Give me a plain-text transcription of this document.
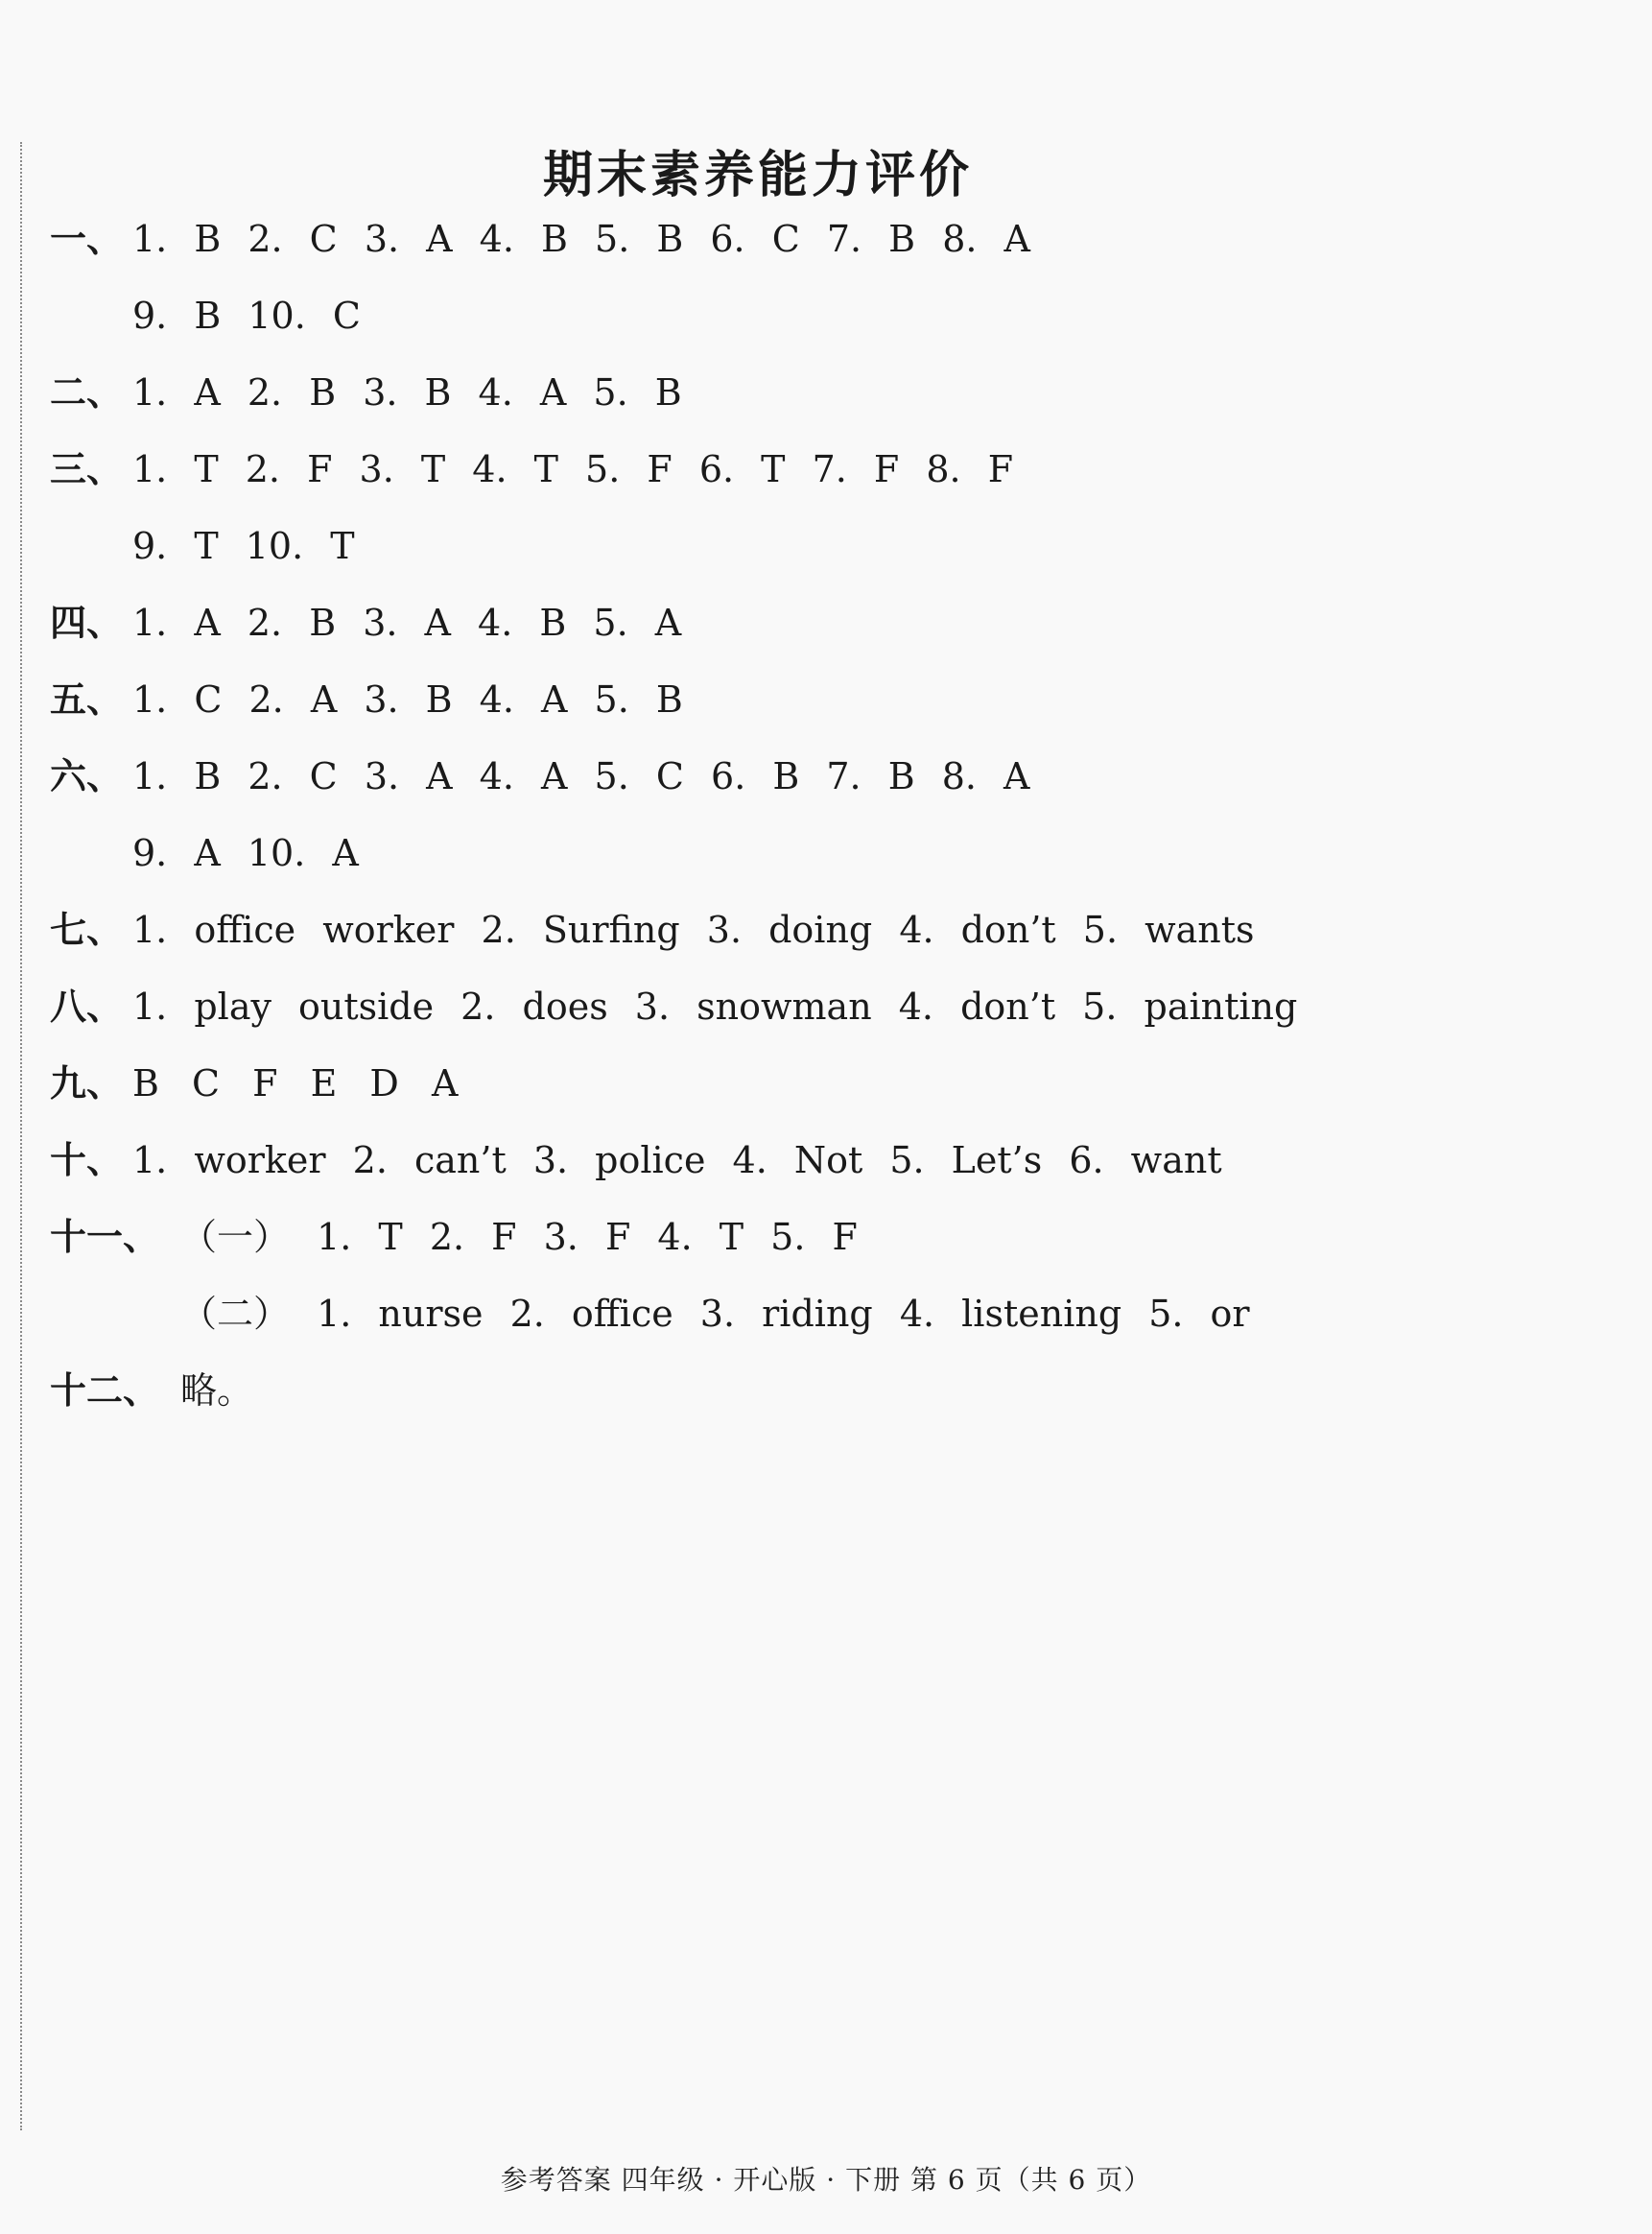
期末素养能力评价
一、 1. B 2. C 3. A 4. B 5. B 6. C 7. B 8. A
9. B 10. C
二、 1. A 2. B 3. B 4. A 5. B
三、 1. T 2. F 3. T 4. T 5. F 6. T 7. F 8. F
9. T 10. T
四、 1. A 2. B 3. A 4. B 5. A
五、 1. C 2. A 3. B 4. A 5. B
六、 1. B 2. C 3. A 4. A 5. C 6. B 7. B 8. A
9. A 10. A
七、 1. office worker 2. Surfing 3. doing 4. don’t 5. wants
八、 1. play outside 2. does 3. snowman 4. don’t 5. painting
九、 B C F E D A
十、 1. worker 2. can’t 3. police 4. Not 5. Let’s 6. want
十一、 （一） 1. T 2. F 3. F 4. T 5. F
（二） 1. nurse 2. office 3. riding 4. listening 5. or
十二、 略。
参考答案 四年级 · 开心版 · 下册 第 6 页（共 6 页）
